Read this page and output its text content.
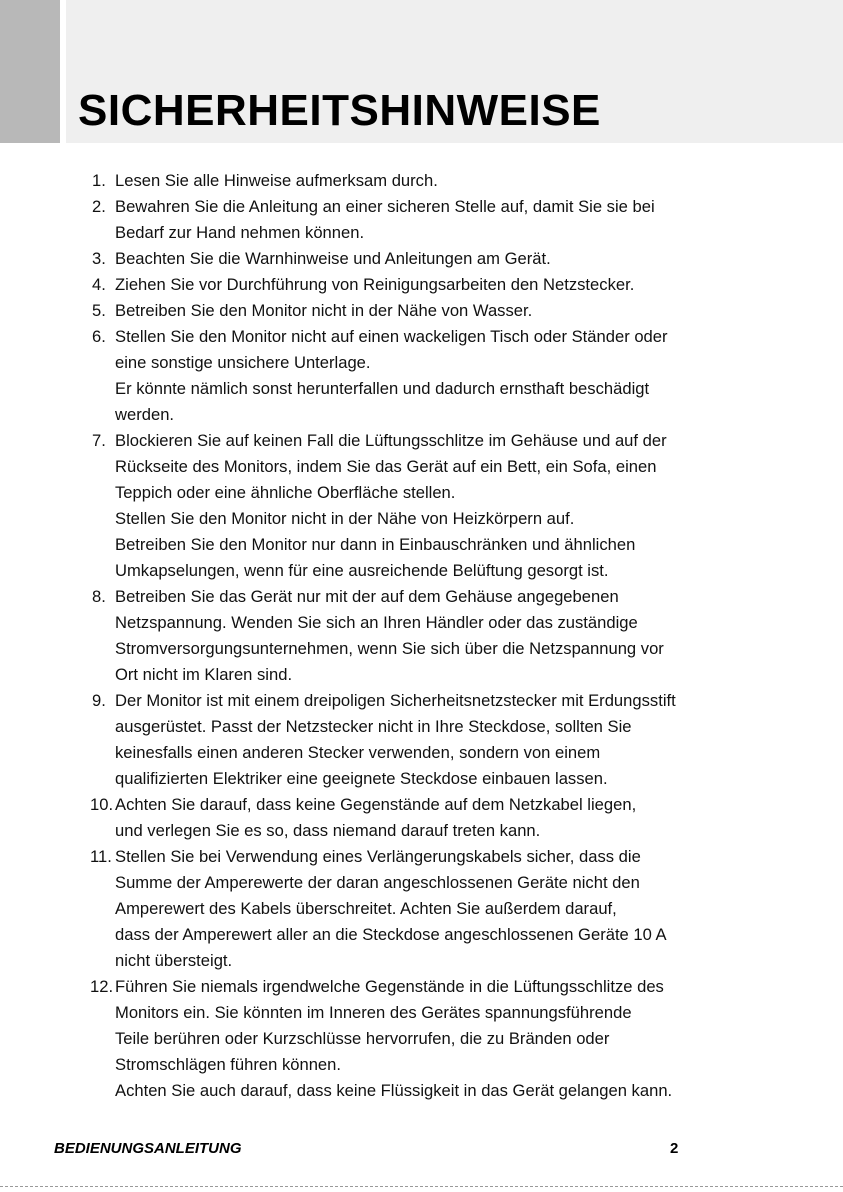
SICHERHEITSHINWEISE
1. Lesen Sie alle Hinweise aufmerksam durch.
2. Bewahren Sie die Anleitung an einer sicheren Stelle auf, damit Sie sie bei
Bedarf zur Hand nehmen können.
3. Beachten Sie die Warnhinweise und Anleitungen am Gerät.
4. Ziehen Sie vor Durchführung von Reinigungsarbeiten den Netzstecker.
5. Betreiben Sie den Monitor nicht in der Nähe von Wasser.
6. Stellen Sie den Monitor nicht auf einen wackeligen Tisch oder Ständer oder
eine sonstige unsichere Unterlage.
Er könnte nämlich sonst herunterfallen und dadurch ernsthaft beschädigt
werden.
7. Blockieren Sie auf keinen Fall die Lüftungsschlitze im Gehäuse und auf der
Rückseite des Monitors, indem Sie das Gerät auf ein Bett, ein Sofa, einen
Teppich oder eine ähnliche Oberfläche stellen.
Stellen Sie den Monitor nicht in der Nähe von Heizkörpern auf.
Betreiben Sie den Monitor nur dann in Einbauschränken und ähnlichen
Umkapselungen, wenn für eine ausreichende Belüftung gesorgt ist.
8. Betreiben Sie das Gerät nur mit der auf dem Gehäuse angegebenen
Netzspannung. Wenden Sie sich an Ihren Händler oder das zuständige
Stromversorgungsunternehmen, wenn Sie sich über die Netzspannung vor
Ort nicht im Klaren sind.
9. Der Monitor ist mit einem dreipoligen Sicherheitsnetzstecker mit Erdungsstift
ausgerüstet. Passt der Netzstecker nicht in Ihre Steckdose, sollten Sie
keinesfalls einen anderen Stecker verwenden, sondern von einem
qualifizierten Elektriker eine geeignete Steckdose einbauen lassen.
10. Achten Sie darauf, dass keine Gegenstände auf dem Netzkabel liegen,
und verlegen Sie es so, dass niemand darauf treten kann.
11. Stellen Sie bei Verwendung eines Verlängerungskabels sicher, dass die
Summe der Amperewerte der daran angeschlossenen Geräte nicht den
Amperewert des Kabels überschreitet. Achten Sie außerdem darauf,
dass der Amperewert aller an die Steckdose angeschlossenen Geräte 10 A
nicht übersteigt.
12. Führen Sie niemals irgendwelche Gegenstände in die Lüftungsschlitze des
Monitors ein. Sie könnten im Inneren des Gerätes spannungsführende
Teile berühren oder Kurzschlüsse hervorrufen, die zu Bränden oder
Stromschlägen führen können.
Achten Sie auch darauf, dass keine Flüssigkeit in das Gerät gelangen kann.
BEDIENUNGSANLEITUNG	2
